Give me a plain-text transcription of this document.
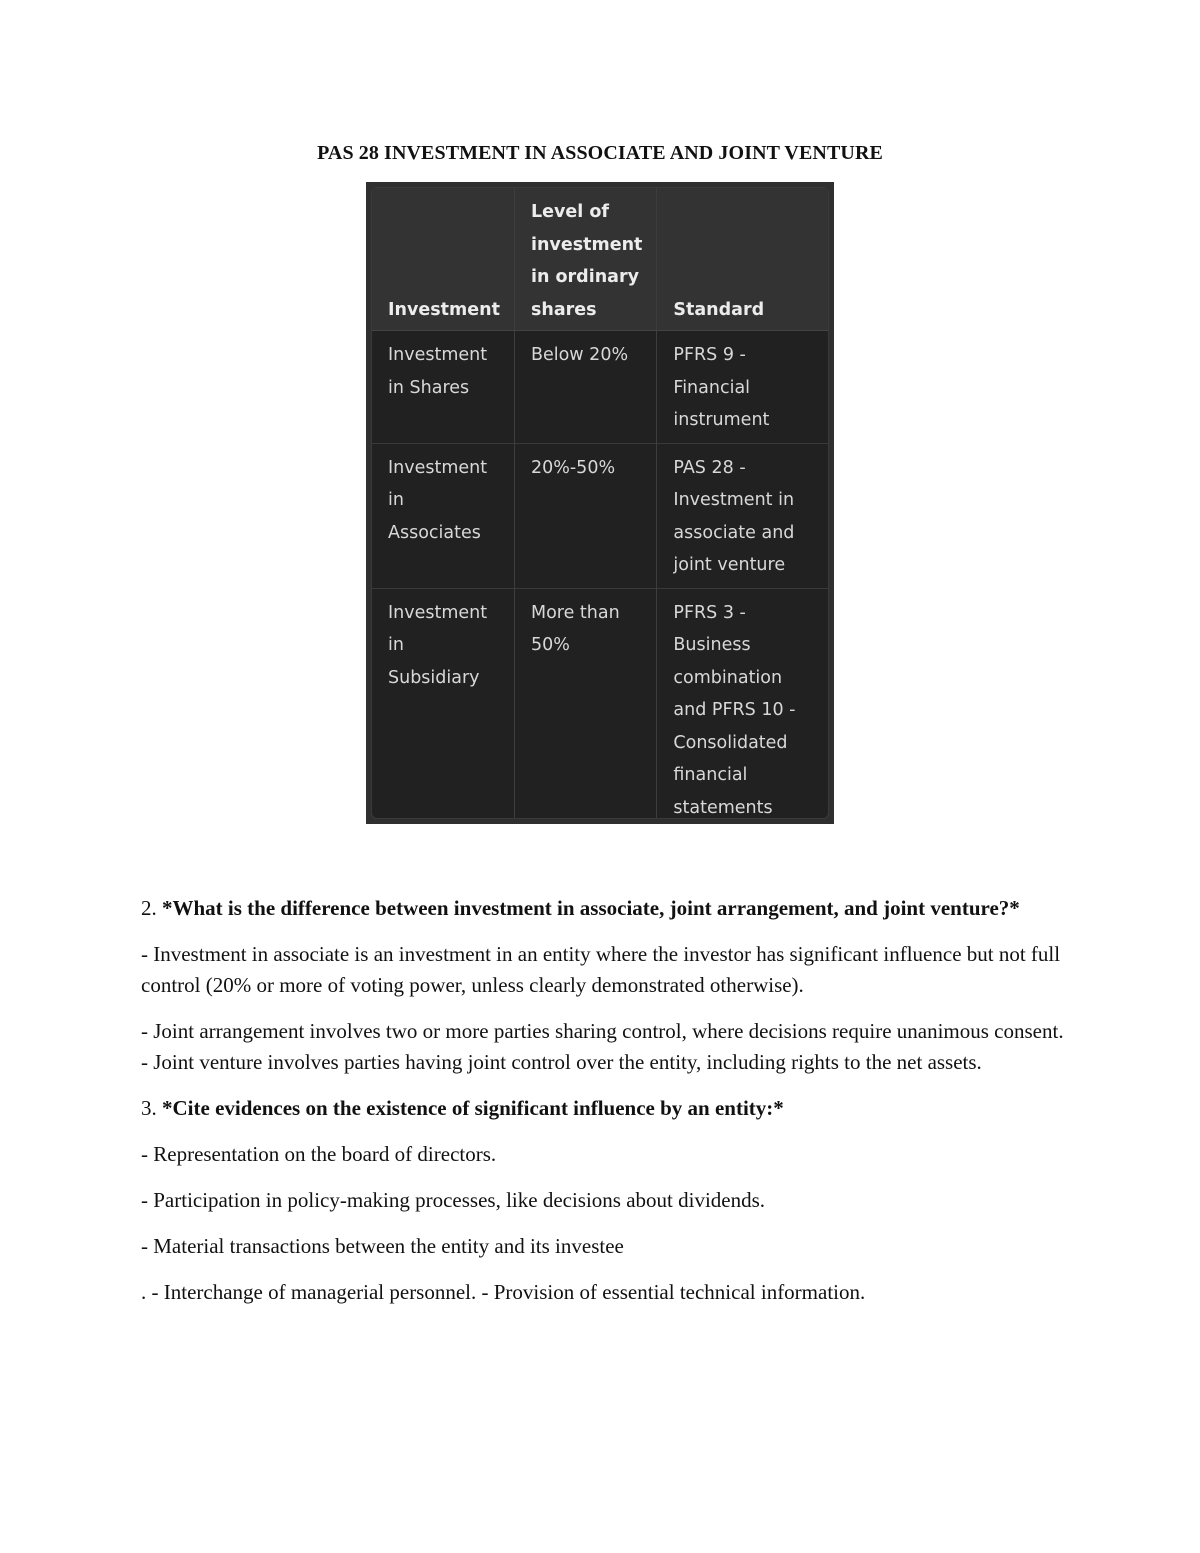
PAS 28 INVESTMENT IN ASSOCIATE AND JOINT VENTURE
Investment	Level of investment in ordinary shares	Standard
Investment in Shares	Below 20%	PFRS 9 - Financial instrument
Investment in Associates	20%-50%	PAS 28 - Investment in associate and joint venture
Investment in Subsidiary	More than 50%	PFRS 3 - Business combination and PFRS 10 - Consolidated financial statements
2. *What is the difference between investment in associate, joint arrangement, and joint venture?*
- Investment in associate is an investment in an entity where the investor has significant influence but not full control (20% or more of voting power, unless clearly demonstrated otherwise).
- Joint arrangement involves two or more parties sharing control, where decisions require unanimous consent. - Joint venture involves parties having joint control over the entity, including rights to the net assets.
3. *Cite evidences on the existence of significant influence by an entity:*
- Representation on the board of directors.
- Participation in policy-making processes, like decisions about dividends.
- Material transactions between the entity and its investee
. - Interchange of managerial personnel. - Provision of essential technical information.
